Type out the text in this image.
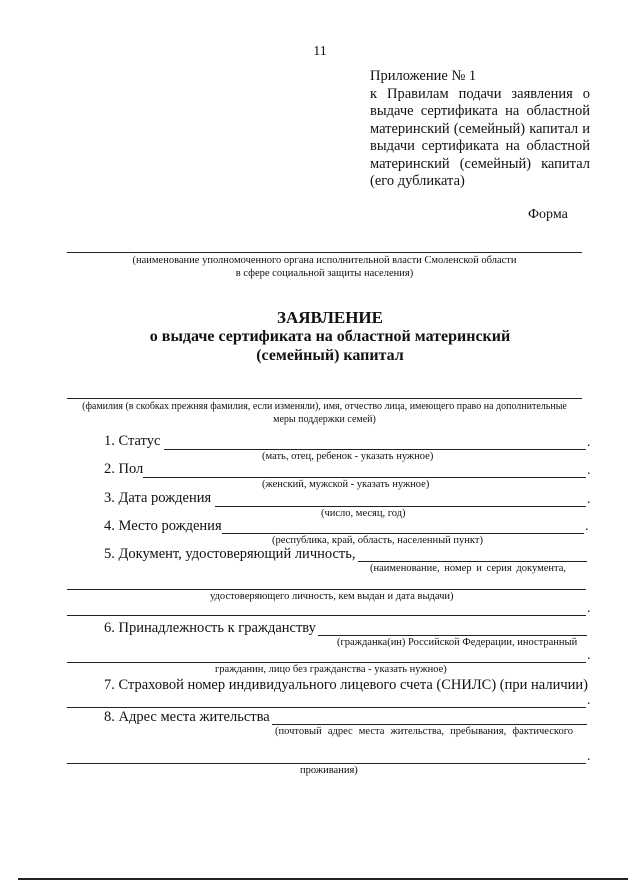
11
Приложение № 1
к Правилам подачи заявления о
выдаче сертификата на областной
материнский (семейный) капитал и
выдачи сертификата на областной
материнский (семейный) капитал
(его дубликата)
Форма
(наименование уполномоченного органа исполнительной власти Смоленской области
в сфере социальной защиты населения)
ЗАЯВЛЕНИЕ
о выдаче сертификата на областной материнский
(семейный) капитал
(фамилия (в скобках прежняя фамилия, если изменяли), имя, отчество лица, имеющего право на дополнительные
меры поддержки семей)
1. Статус	.
(мать, отец, ребенок - указать нужное)
2. Пол	.
(женский, мужской - указать нужное)
3. Дата рождения	.
(число, месяц, год)
4. Место рождения	.
(республика, край, область, населенный пункт)
5. Документ, удостоверяющий личность,
(наименование, номер и серия документа,
удостоверяющего личность, кем выдан и дата выдачи)
.
6. Принадлежность к гражданству
(гражданка(ин) Российской Федерации, иностранный
.
гражданин, лицо без гражданства - указать нужное)
7. Страховой номер индивидуального лицевого счета (СНИЛС) (при наличии)
.
8. Адрес места жительства
(почтовый адрес места жительства, пребывания, фактического
.
проживания)
